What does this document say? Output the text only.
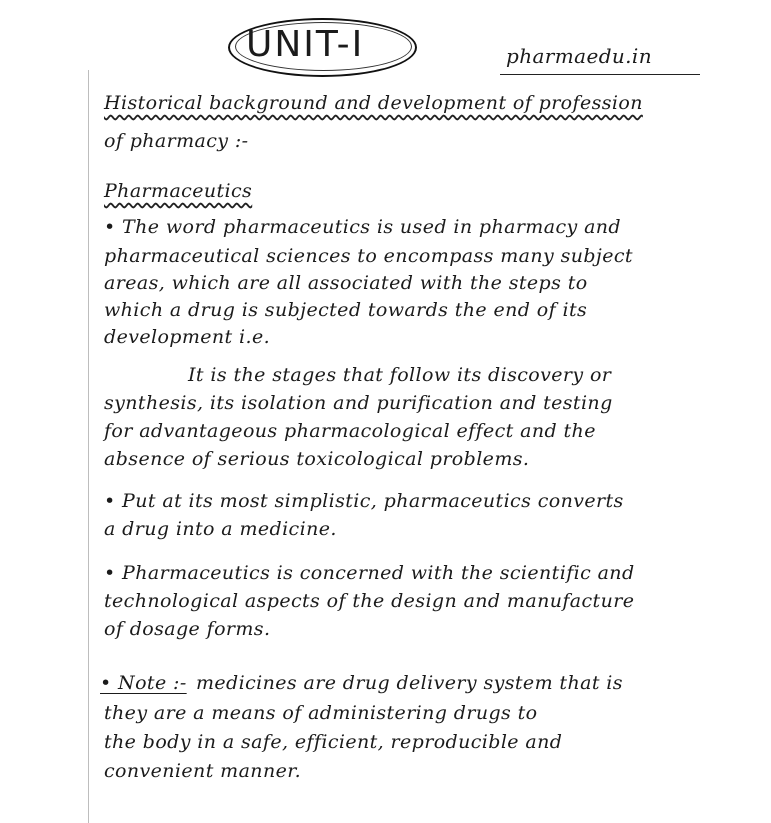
UNIT-I	pharmaedu.in
Historical background and development of profession
of pharmacy :-
Pharmaceutics
• The word pharmaceutics is used in pharmacy and
pharmaceutical sciences to encompass many subject
areas, which are all associated with the steps to
which a drug is subjected towards the end of its
development i.e.
It is the stages that follow its discovery or
synthesis, its isolation and purification and testing
for advantageous pharmacological effect and the
absence of serious toxicological problems.
• Put at its most simplistic, pharmaceutics converts
a drug into a medicine.
• Pharmaceutics is concerned with the scientific and
technological aspects of the design and manufacture
of dosage forms.
• Note :- medicines are drug delivery system that is
they are a means of administering drugs to
the body in a safe, efficient, reproducible and
convenient manner.
